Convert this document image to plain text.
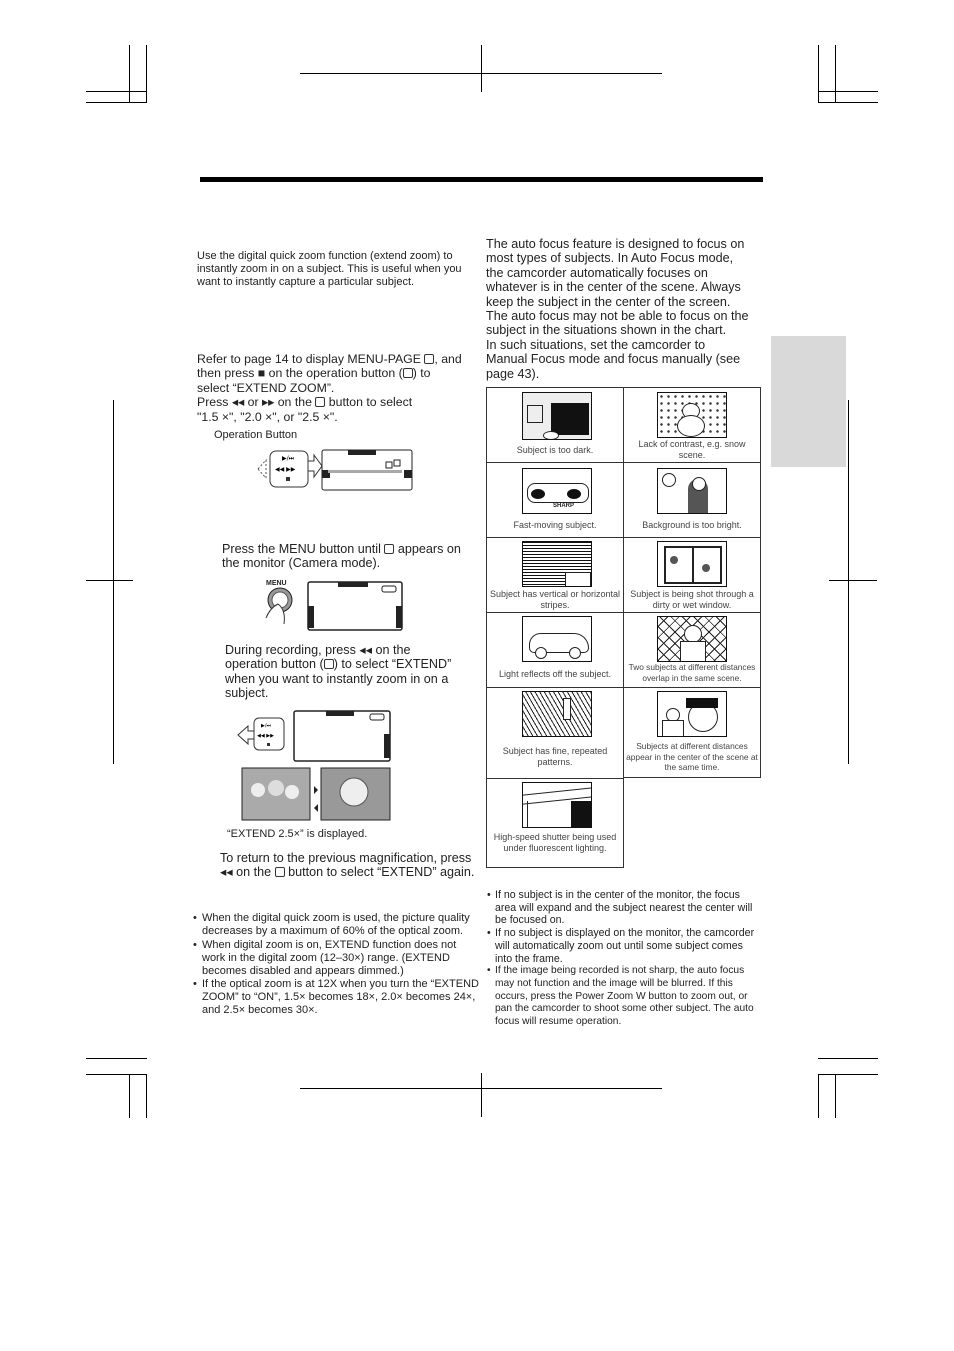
Use the digital quick zoom function (extend zoom) to instantly zoom in on a subject. This is useful when you want to instantly capture a particular subject.
Refer to page 14 to display MENU-PAGE , and
then press ■ on the operation button ( ) to
select “EXTEND ZOOM”.
Press ◂◂ or ▸▸ on the button to select
"1.5 ×", "2.0 ×", or "2.5 ×".
Operation Button
▶/⏭
◀◀ ▶▶
Press the MENU button until appears on
the monitor (Camera mode).
MENU
During recording, press ◂◂ on the
operation button ( ) to select “EXTEND”
when you want to instantly zoom in on a
subject.
▶/⏭
◀◀ ▶▶
“EXTEND 2.5×” is displayed.
To return to the previous magnification, press
◂◂ on the button to select “EXTEND” again.
• When the digital quick zoom is used, the picture quality decreases by a maximum of 60% of the optical zoom.
• When digital zoom is on, EXTEND function does not work in the digital zoom (12–30×) range. (EXTEND becomes disabled and appears dimmed.)
• If the optical zoom is at 12X when you turn the “EXTEND ZOOM” to “ON”, 1.5× becomes 18×, 2.0× becomes 24×, and 2.5× becomes 30×.
The auto focus feature is designed to focus on
most types of subjects. In Auto Focus mode,
the camcorder automatically focuses on
whatever is in the center of the scene. Always
keep the subject in the center of the screen.
The auto focus may not be able to focus on the
subject in the situations shown in the chart.
In such situations, set the camcorder to
Manual Focus mode and focus manually (see
page 43).
Subject is too dark.
Lack of contrast, e.g. snow scene.
SHARP
Fast-moving subject.	Background is too bright.
Subject has vertical or horizontal stripes.
Subject is being shot through a dirty or wet window.
Light reflects off the subject.
Two subjects at different distances overlap in the same scene.
Subject has fine, repeated patterns.
Subjects at different distances appear in the center of the scene at the same time.
High-speed shutter being used under fluorescent lighting.
• If no subject is in the center of the monitor, the focus area will expand and the subject nearest the center will be focused on.
• If no subject is displayed on the monitor, the camcorder will automatically zoom out until some subject comes into the frame.
• If the image being recorded is not sharp, the auto focus may not function and the image will be blurred. If this occurs, press the Power Zoom W button to zoom out, or pan the camcorder to shoot some other subject. The auto focus will resume operation.
